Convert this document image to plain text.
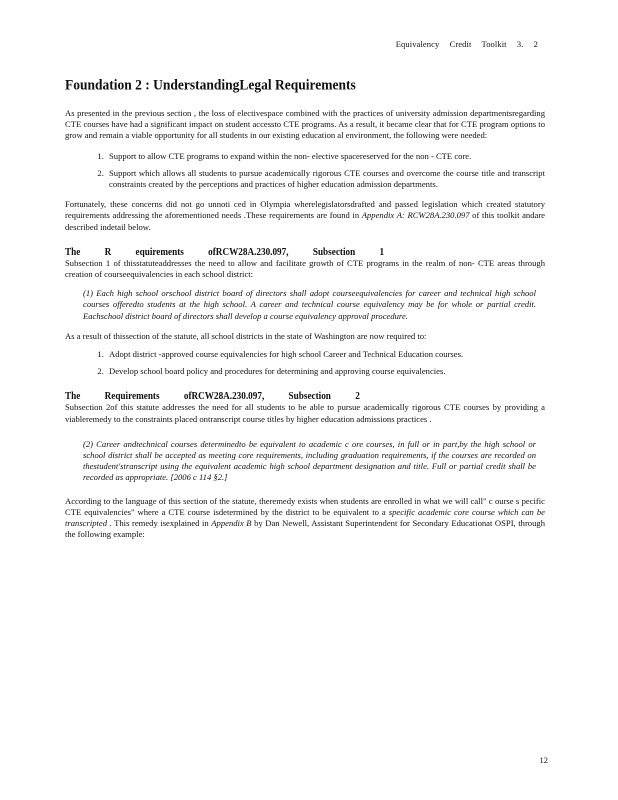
Equivalency Credit Toolkit 3. 2
Foundation 2 : UnderstandingLegal Requirements

As presented in the previous section , the loss of electivespace combined with the practices of university admission departmentsregarding CTE courses have had a significant impact on student accessto CTE programs. As a result, it became clear that for CTE program options to grow and remain a viable opportunity for all students in our existing education al environment, the following were needed:

1. Support to allow CTE programs to expand within the non- elective spacereserved for the non - CTE core.
2. Support which allows all students to pursue academically rigorous CTE courses and overcome the course title and transcript constraints created by the perceptions and practices of higher education admission departments.

Fortunately, these concerns did not go unnoti ced in Olympia wherelegislatorsdrafted and passed legislation which created statutory requirements addressing the aforementioned needs .These requirements are found in Appendix A: RCW28A.230.097 of this toolkit andare described indetail below.

The R equirements ofRCW28A.230.097, Subsection 1

Subsection 1 of thisstatuteaddresses the need to allow and facilitate growth of CTE programs in the realm of non- CTE areas through creation of courseequivalencies in each school district:

(1) Each high school orschool district board of directors shall adopt courseequivalencies for career and technical high school courses offeredto students at the high school. A career and technical course equivalency may be for whole or partial credit. Eachschool district board of directors shall develop a course equivalency approval procedure.

As a result of thissection of the statute, all school districts in the state of Washington are now required to:

1. Adopt district -approved course equivalencies for high school Career and Technical Education courses.
2. Develop school board policy and procedures for determining and approving course equivalencies.
The Requirements ofRCW28A.230.097, Subsection 2

Subsection 2of this statute addresses the need for all students to be able to pursue academically rigorous CTE courses by providing a viableremedy to the constraints placed ontranscript course titles by higher education admissions practices .

(2) Career andtechnical courses determinedto be equivalent to academic c ore courses, in full or in part,by the high school or school district shall be accepted as meeting core requirements, including graduation requirements, if the courses are recorded on thestudent'stranscript using the equivalent academic high school department designation and title. Full or partial credit shall be recorded as appropriate. [2006 c 114 §2.]

According to the language of this section of the statute, theremedy exists when students are enrolled in what we will call" c ourse s pecific CTE equivalencies" where a CTE course isdetermined by the district to be equivalent to a specific academic core course which can be transcripted . This remedy isexplained in Appendix B by Dan Newell, Assistant Superintendent for Secondary Educationat OSPI, through the following example:

12
